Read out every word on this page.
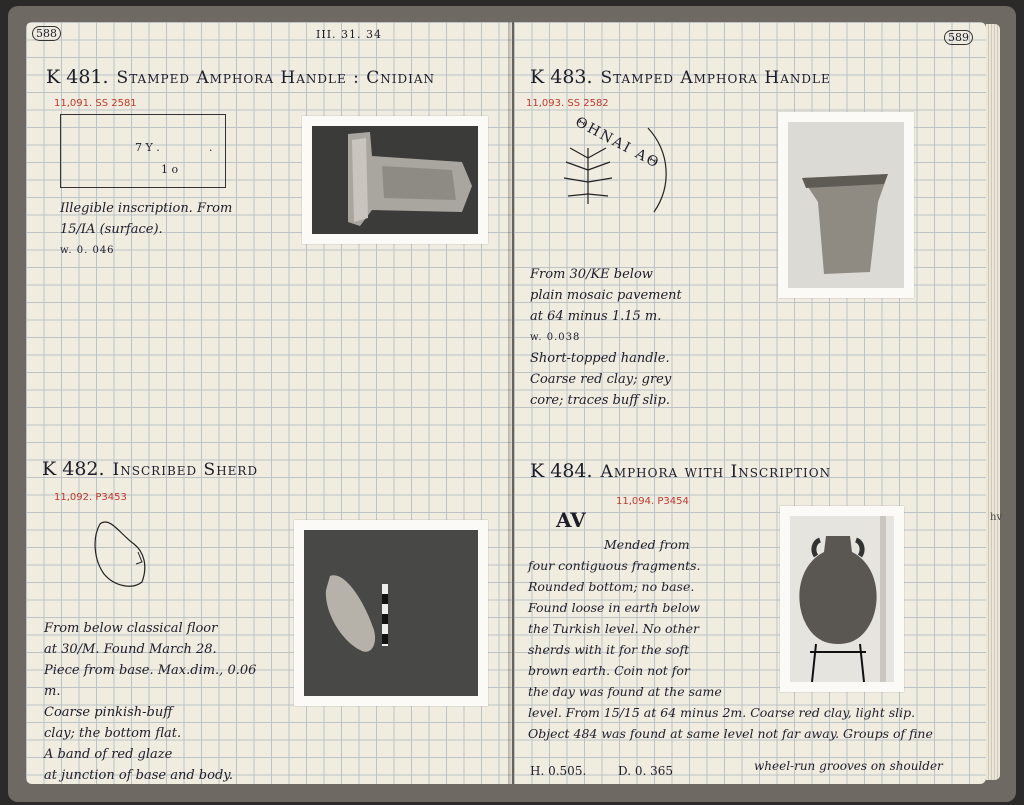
588	III. 31. 34
K 481. Stamped Amphora Handle : Cnidian
11,091. SS 2581
7 Y .	.
1 o
Illegible inscription. From
15/IA (surface).
w. 0. 046
K 482. Inscribed Sherd
11,092. P3453
From below classical floor
at 30/M. Found March 28.
Piece from base. Max.dim., 0.06
m.
Coarse pinkish-buff
clay; the bottom flat.
A band of red glaze
at junction of base and body.
589
K 483. Stamped Amphora Handle
11,093. SS 2582
ΘΗΝΑΙ ΑΘ
From 30/KE below
plain mosaic pavement
at 64 minus 1.15 m.
w. 0.038
Short-topped handle.
Coarse red clay; grey
core; traces buff slip.
K 484. Amphora with Inscription
11,094. P3454
AV
Mended from
four contiguous fragments.
Rounded bottom; no base.
Found loose in earth below
the Turkish level. No other
sherds with it for the soft
brown earth. Coin not for
the day was found at the same
level. From 15/15 at 64 minus 2m. Coarse red clay, light slip.
Object 484 was found at same level not far away. Groups of fine
H. 0.505.	D. 0. 365	wheel-run grooves on shoulder
hv
